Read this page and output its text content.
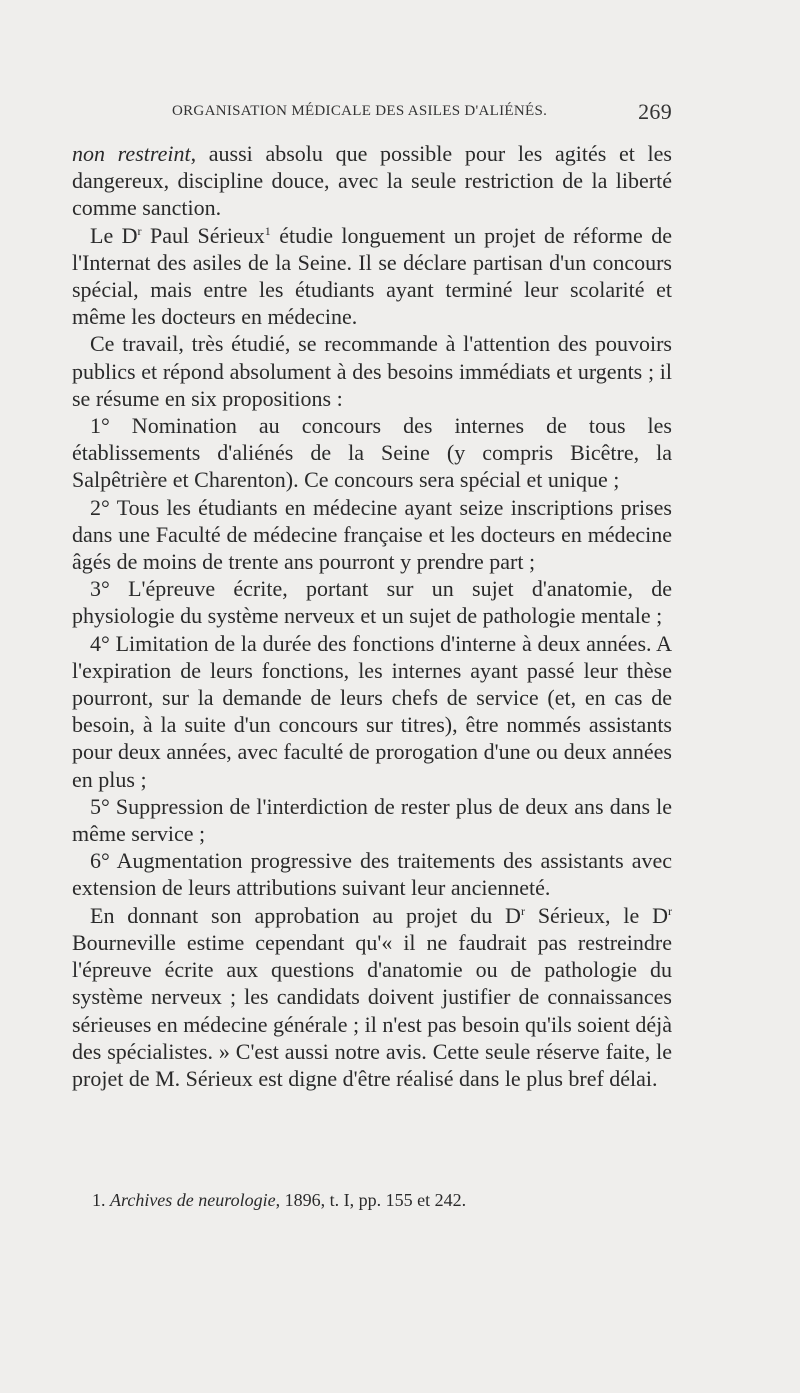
ORGANISATION MÉDICALE DES ASILES D'ALIÉNÉS.	269

non restreint, aussi absolu que possible pour les agités et les dangereux, discipline douce, avec la seule restriction de la liberté comme sanction.

Le $D^r$ Paul Sérieux$^1$ étudie longuement un projet de réforme de l'Internat des asiles de la Seine. Il se déclare partisan d'un concours spécial, mais entre les étudiants ayant terminé leur scolarité et même les docteurs en médecine.

Ce travail, très étudié, se recommande à l'attention des pouvoirs publics et répond absolument à des besoins immédiats et urgents ; il se résume en six propositions :

1° Nomination au concours des internes de tous les établissements d'aliénés de la Seine (y compris Bicêtre, la Salpêtrière et Charenton). Ce concours sera spécial et unique ;

2° Tous les étudiants en médecine ayant seize inscriptions prises dans une Faculté de médecine française et les docteurs en médecine âgés de moins de trente ans pourront y prendre part ;

3° L'épreuve écrite, portant sur un sujet d'anatomie, de physiologie du système nerveux et un sujet de pathologie mentale ;

4° Limitation de la durée des fonctions d'interne à deux années. A l'expiration de leurs fonctions, les internes ayant passé leur thèse pourront, sur la demande de leurs chefs de service (et, en cas de besoin, à la suite d'un concours sur titres), être nommés assistants pour deux années, avec faculté de prorogation d'une ou deux années en plus ;

5° Suppression de l'interdiction de rester plus de deux ans dans le même service ;

6° Augmentation progressive des traitements des assistants avec extension de leurs attributions suivant leur ancienneté.

En donnant son approbation au projet du $D^r$ Sérieux, le $D^r$ Bourneville estime cependant qu'« il ne faudrait pas restreindre l'épreuve écrite aux questions d'anatomie ou de pathologie du système nerveux ; les candidats doivent justifier de connaissances sérieuses en médecine générale ; il n'est pas besoin qu'ils soient déjà des spécialistes. » C'est aussi notre avis. Cette seule réserve faite, le projet de M. Sérieux est digne d'être réalisé dans le plus bref délai.

1. Archives de neurologie, 1896, t. I, pp. 155 et 242.
